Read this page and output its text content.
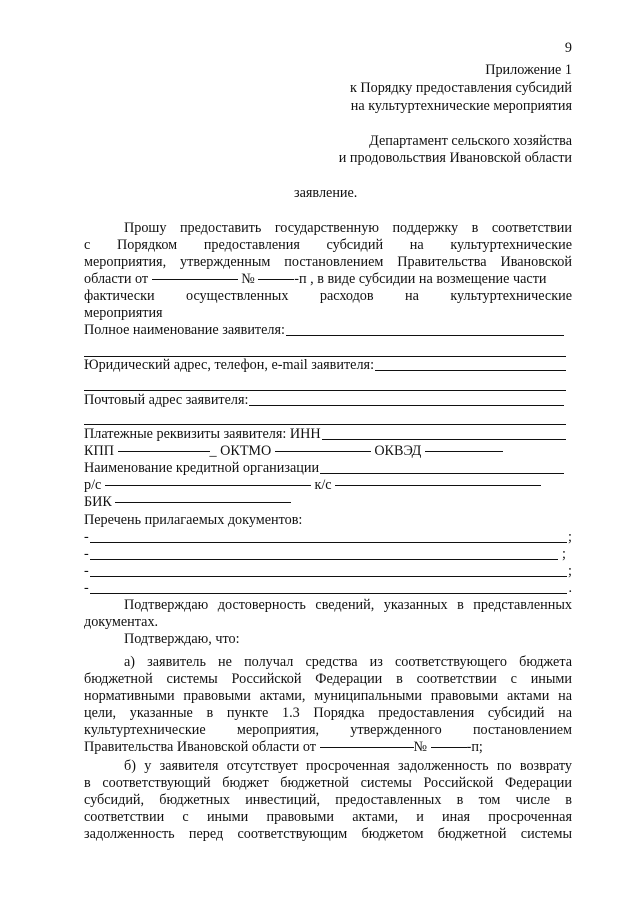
9
Приложение 1
к Порядку предоставления субсидий
на культуртехнические мероприятия
Департамент сельского хозяйства
и продовольствия Ивановской области
заявление.
Прошу предоставить государственную поддержку в соответствии
с Порядком предоставления субсидий на культуртехнические
мероприятия, утвержденным постановлением Правительства Ивановской
области от	№	-п , в виде субсидии на возмещение части
фактически осуществленных расходов на культуртехнические
мероприятия
Полное наименование заявителя:
Юридический адрес, телефон, e-mail заявителя:
Почтовый адрес заявителя:
Платежные реквизиты заявителя: ИНН
КПП	_ ОКТМО	ОКВЭД
Наименование кредитной организации
р/с	к/с
БИК
Перечень прилагаемых документов:
-	;
-	;
-	;
-	.
Подтверждаю достоверность сведений, указанных в представленных
документах.
Подтверждаю, что:
а) заявитель не получал средства из соответствующего бюджета
бюджетной системы Российской Федерации в соответствии с иными
нормативными правовыми актами, муниципальными правовыми актами на
цели, указанные в пункте 1.3 Порядка предоставления субсидий на
культуртехнические мероприятия, утвержденного постановлением
Правительства Ивановской области от	№	-п;
б) у заявителя отсутствует просроченная задолженность по возврату
в соответствующий бюджет бюджетной системы Российской Федерации
субсидий, бюджетных инвестиций, предоставленных в том числе в
соответствии с иными правовыми актами, и иная просроченная
задолженность перед соответствующим бюджетом бюджетной системы
